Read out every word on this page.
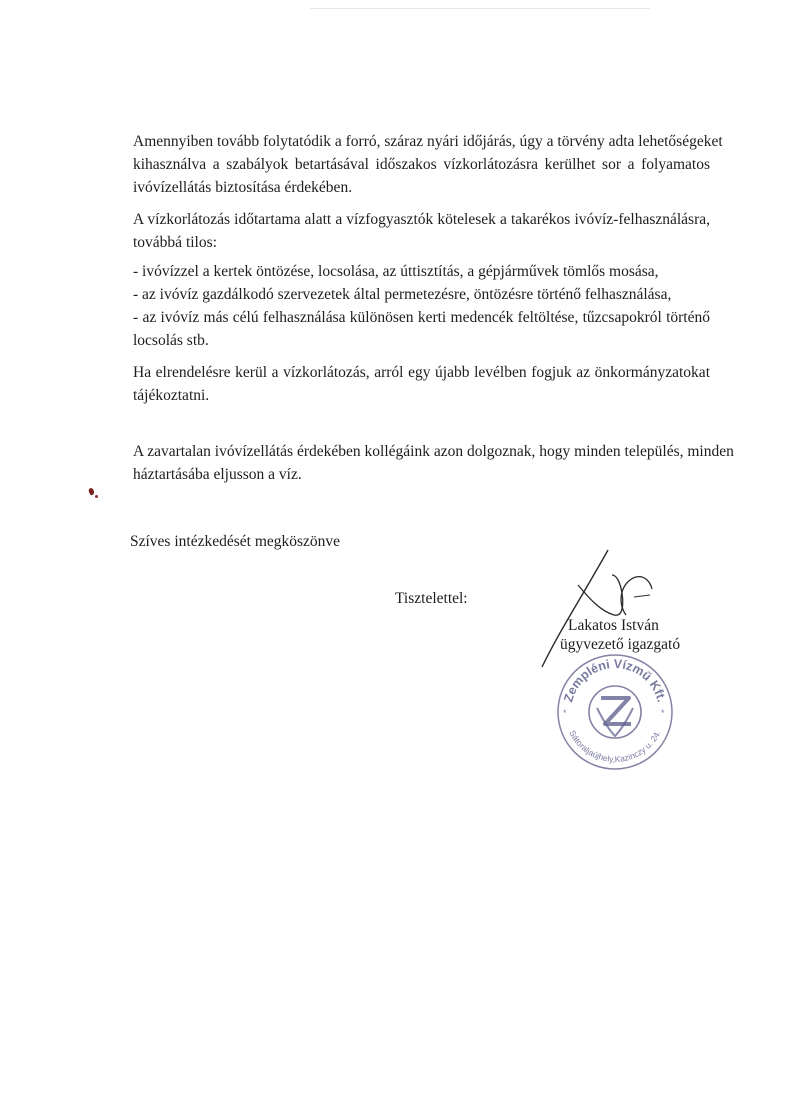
Amennyiben tovább folytatódik a forró, száraz nyári időjárás, úgy a törvény adta lehetőségeket
kihasználva a szabályok betartásával időszakos vízkorlátozásra kerülhet sor a folyamatos
ivóvízellátás biztosítása érdekében.

A vízkorlátozás időtartama alatt a vízfogyasztók kötelesek a takarékos ivóvíz-felhasználásra,
továbbá tilos:

- ivóvízzel a kertek öntözése, locsolása, az úttisztítás, a gépjárművek tömlős mosása,
- az ivóvíz gazdálkodó szervezetek által permetezésre, öntözésre történő felhasználása,
- az ivóvíz más célú felhasználása különösen kerti medencék feltöltése, tűzcsapokról történő
locsolás stb.

Ha elrendelésre kerül a vízkorlátozás, arról egy újabb levélben fogjuk az önkormányzatokat
tájékoztatni.

A zavartalan ivóvízellátás érdekében kollégáink azon dolgoznak, hogy minden település, minden
háztartásába eljusson a víz.

Szíves intézkedését megköszönve
Tisztelettel:
Lakatos István
ügyvezető igazgató
Zempléni Vízmű Kft.
Sátoraljaújhely,Kazinczy u. 24.
*	*
